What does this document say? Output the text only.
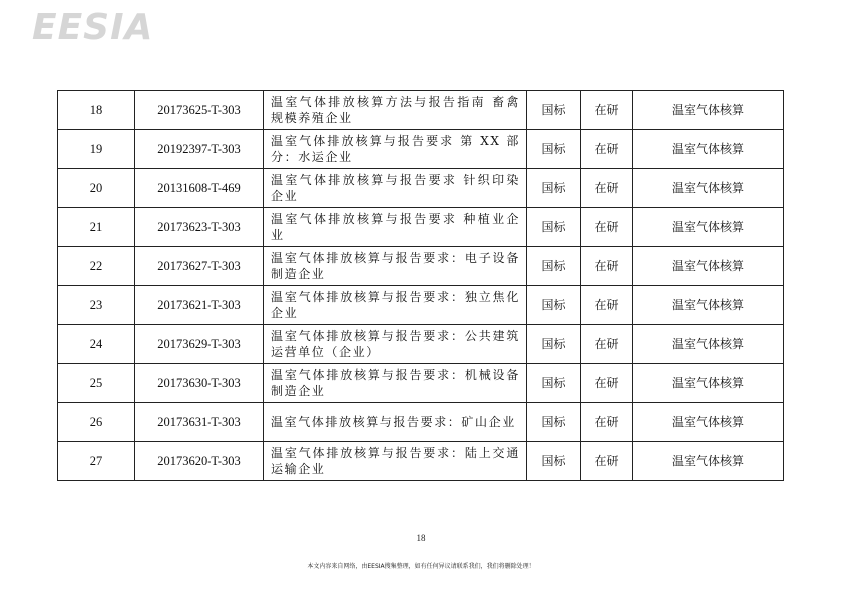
EESIA
18	20173625-T-303	温室气体排放核算方法与报告指南 畜禽规模养殖企业	国标	在研	温室气体核算
19	20192397-T-303	温室气体排放核算与报告要求 第 XX 部分：水运企业	国标	在研	温室气体核算
20	20131608-T-469	温室气体排放核算与报告要求 针织印染企业	国标	在研	温室气体核算
21	20173623-T-303	温室气体排放核算与报告要求 种植业企业	国标	在研	温室气体核算
22	20173627-T-303	温室气体排放核算与报告要求：电子设备制造企业	国标	在研	温室气体核算
23	20173621-T-303	温室气体排放核算与报告要求：独立焦化企业	国标	在研	温室气体核算
24	20173629-T-303	温室气体排放核算与报告要求：公共建筑运营单位（企业）	国标	在研	温室气体核算
25	20173630-T-303	温室气体排放核算与报告要求：机械设备制造企业	国标	在研	温室气体核算
26	20173631-T-303	温室气体排放核算与报告要求：矿山企业	国标	在研	温室气体核算
27	20173620-T-303	温室气体排放核算与报告要求：陆上交通运输企业	国标	在研	温室气体核算
18
本文内容来自网络，由EESIA搜集整理，如有任何异议请联系我们，我们将删除处理！
